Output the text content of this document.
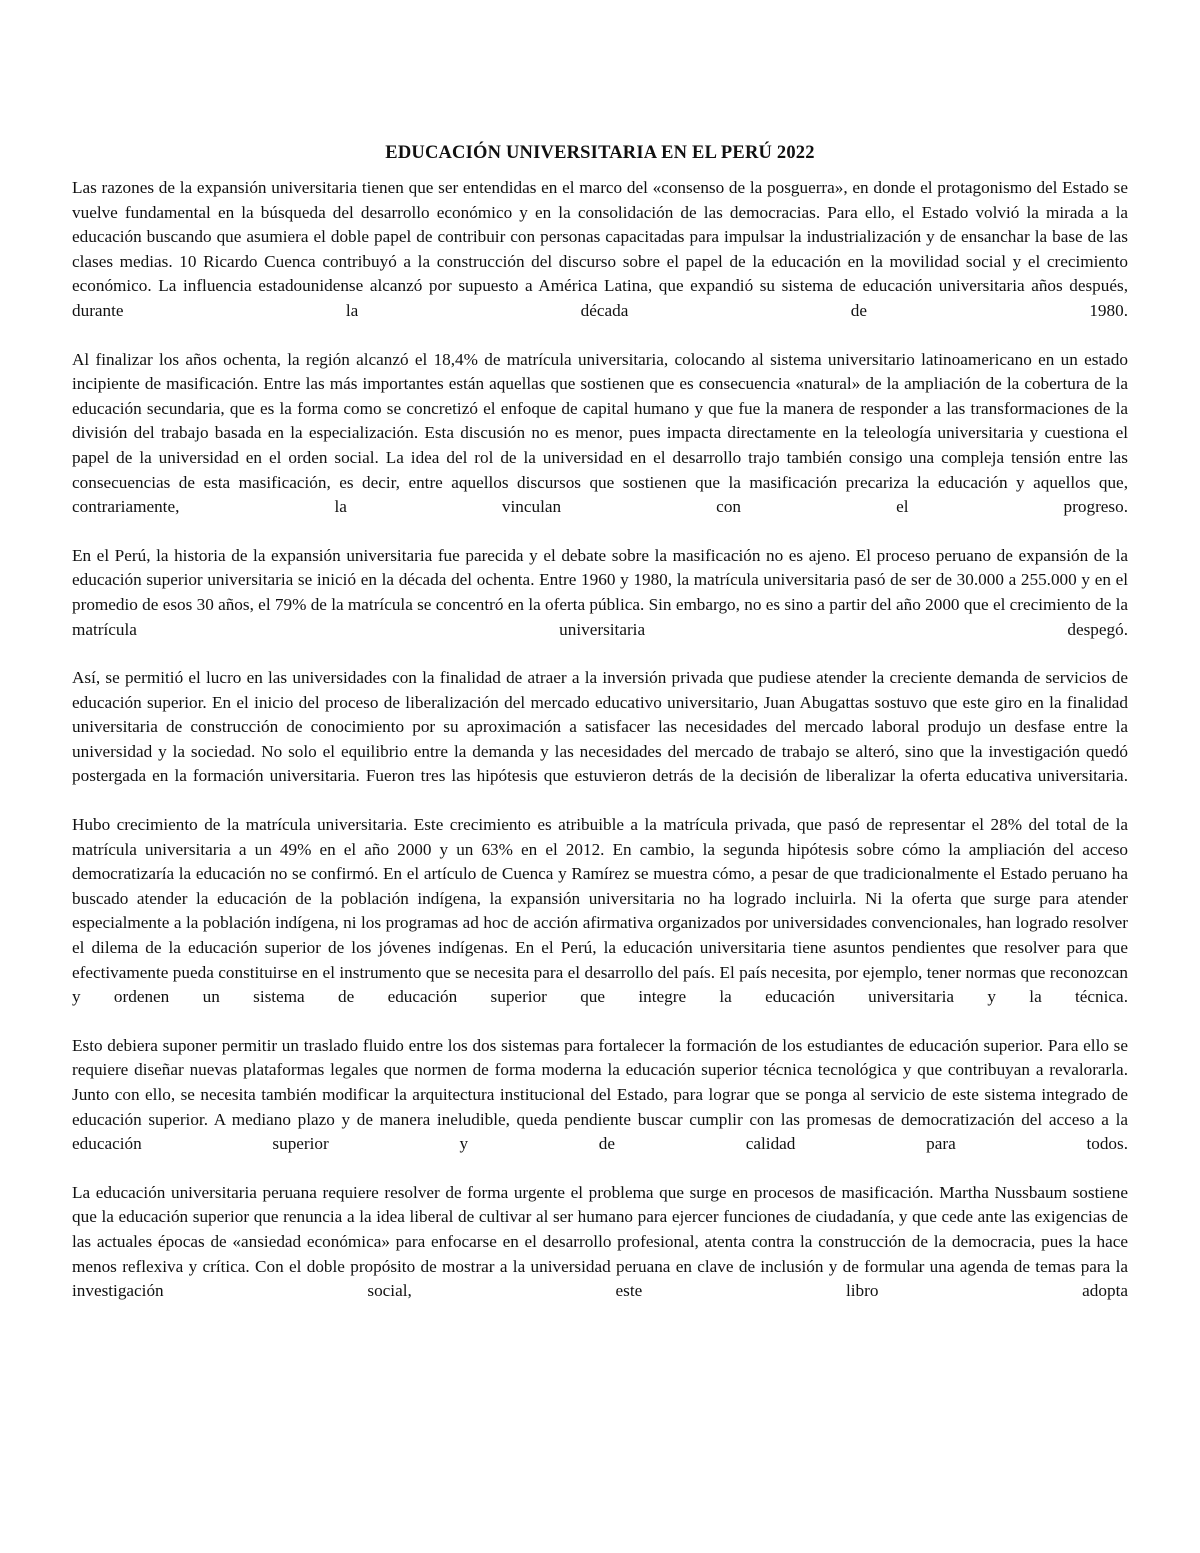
EDUCACIÓN UNIVERSITARIA EN EL PERÚ 2022

Las razones de la expansión universitaria tienen que ser entendidas en el marco del «consenso de la posguerra», en donde el protagonismo del Estado se vuelve fundamental en la búsqueda del desarrollo económico y en la consolidación de las democracias. Para ello, el Estado volvió la mirada a la educación buscando que asumiera el doble papel de contribuir con personas capacitadas para impulsar la industrialización y de ensanchar la base de las clases medias. 10 Ricardo Cuenca contribuyó a la construcción del discurso sobre el papel de la educación en la movilidad social y el crecimiento económico. La influencia estadounidense alcanzó por supuesto a América Latina, que expandió su sistema de educación universitaria años después, durante la década de 1980.

Al finalizar los años ochenta, la región alcanzó el 18,4% de matrícula universitaria, colocando al sistema universitario latinoamericano en un estado incipiente de masificación. Entre las más importantes están aquellas que sostienen que es consecuencia «natural» de la ampliación de la cobertura de la educación secundaria, que es la forma como se concretizó el enfoque de capital humano y que fue la manera de responder a las transformaciones de la división del trabajo basada en la especialización. Esta discusión no es menor, pues impacta directamente en la teleología universitaria y cuestiona el papel de la universidad en el orden social. La idea del rol de la universidad en el desarrollo trajo también consigo una compleja tensión entre las consecuencias de esta masificación, es decir, entre aquellos discursos que sostienen que la masificación precariza la educación y aquellos que, contrariamente, la vinculan con el progreso.

En el Perú, la historia de la expansión universitaria fue parecida y el debate sobre la masificación no es ajeno. El proceso peruano de expansión de la educación superior universitaria se inició en la década del ochenta. Entre 1960 y 1980, la matrícula universitaria pasó de ser de 30.000 a 255.000 y en el promedio de esos 30 años, el 79% de la matrícula se concentró en la oferta pública. Sin embargo, no es sino a partir del año 2000 que el crecimiento de la matrícula universitaria despegó.

Así, se permitió el lucro en las universidades con la finalidad de atraer a la inversión privada que pudiese atender la creciente demanda de servicios de educación superior. En el inicio del proceso de liberalización del mercado educativo universitario, Juan Abugattas sostuvo que este giro en la finalidad universitaria de construcción de conocimiento por su aproximación a satisfacer las necesidades del mercado laboral produjo un desfase entre la universidad y la sociedad. No solo el equilibrio entre la demanda y las necesidades del mercado de trabajo se alteró, sino que la investigación quedó postergada en la formación universitaria. Fueron tres las hipótesis que estuvieron detrás de la decisión de liberalizar la oferta educativa universitaria.

Hubo crecimiento de la matrícula universitaria. Este crecimiento es atribuible a la matrícula privada, que pasó de representar el 28% del total de la matrícula universitaria a un 49% en el año 2000 y un 63% en el 2012. En cambio, la segunda hipótesis sobre cómo la ampliación del acceso democratizaría la educación no se confirmó. En el artículo de Cuenca y Ramírez se muestra cómo, a pesar de que tradicionalmente el Estado peruano ha buscado atender la educación de la población indígena, la expansión universitaria no ha logrado incluirla. Ni la oferta que surge para atender especialmente a la población indígena, ni los programas ad hoc de acción afirmativa organizados por universidades convencionales, han logrado resolver el dilema de la educación superior de los jóvenes indígenas. En el Perú, la educación universitaria tiene asuntos pendientes que resolver para que efectivamente pueda constituirse en el instrumento que se necesita para el desarrollo del país. El país necesita, por ejemplo, tener normas que reconozcan y ordenen un sistema de educación superior que integre la educación universitaria y la técnica.

Esto debiera suponer permitir un traslado fluido entre los dos sistemas para fortalecer la formación de los estudiantes de educación superior. Para ello se requiere diseñar nuevas plataformas legales que normen de forma moderna la educación superior técnica tecnológica y que contribuyan a revalorarla. Junto con ello, se necesita también modificar la arquitectura institucional del Estado, para lograr que se ponga al servicio de este sistema integrado de educación superior. A mediano plazo y de manera ineludible, queda pendiente buscar cumplir con las promesas de democratización del acceso a la educación superior y de calidad para todos.

La educación universitaria peruana requiere resolver de forma urgente el problema que surge en procesos de masificación. Martha Nussbaum sostiene que la educación superior que renuncia a la idea liberal de cultivar al ser humano para ejercer funciones de ciudadanía, y que cede ante las exigencias de las actuales épocas de «ansiedad económica» para enfocarse en el desarrollo profesional, atenta contra la construcción de la democracia, pues la hace menos reflexiva y crítica. Con el doble propósito de mostrar a la universidad peruana en clave de inclusión y de formular una agenda de temas para la investigación social, este libro adopta
